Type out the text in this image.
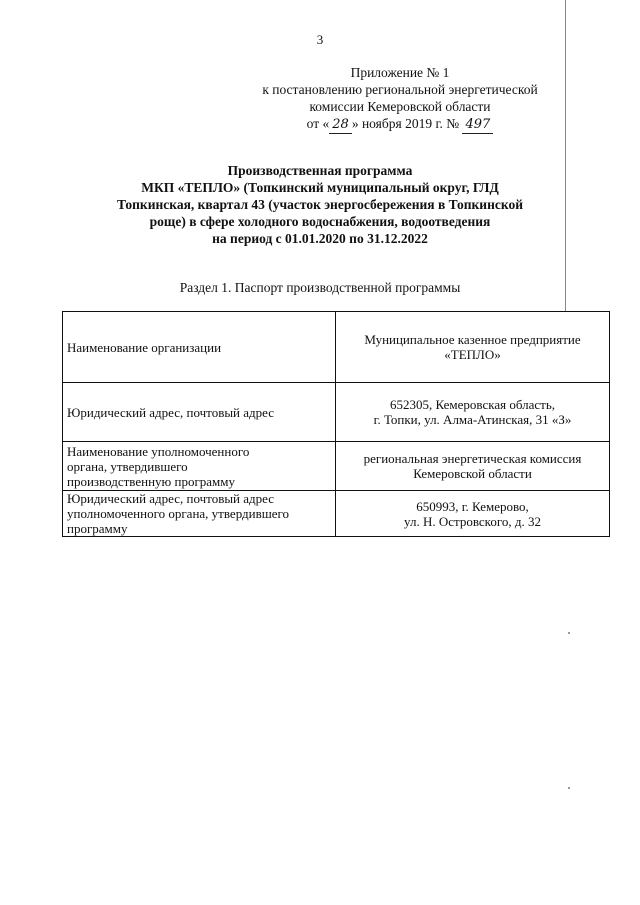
3
Приложение № 1
к постановлению региональной энергетической
комиссии Кемеровской области
от « 28 » ноября 2019 г. № 497
Производственная программа
МКП «ТЕПЛО» (Топкинский муниципальный округ, ГЛД
Топкинская, квартал 43 (участок энергосбережения в Топкинской
роще) в сфере холодного водоснабжения, водоотведения
на период с 01.01.2020 по 31.12.2022
Раздел 1. Паспорт производственной программы
Наименование организации	Муниципальное казенное предприятие
«ТЕПЛО»
Юридический адрес, почтовый адрес	652305, Кемеровская область,
г. Топки, ул. Алма-Атинская, 31 «З»
Наименование уполномоченного
органа, утвердившего
производственную программу	региональная энергетическая комиссия
Кемеровской области
Юридический адрес, почтовый адрес
уполномоченного органа, утвердившего
программу	650993, г. Кемерово,
ул. Н. Островского, д. 32
